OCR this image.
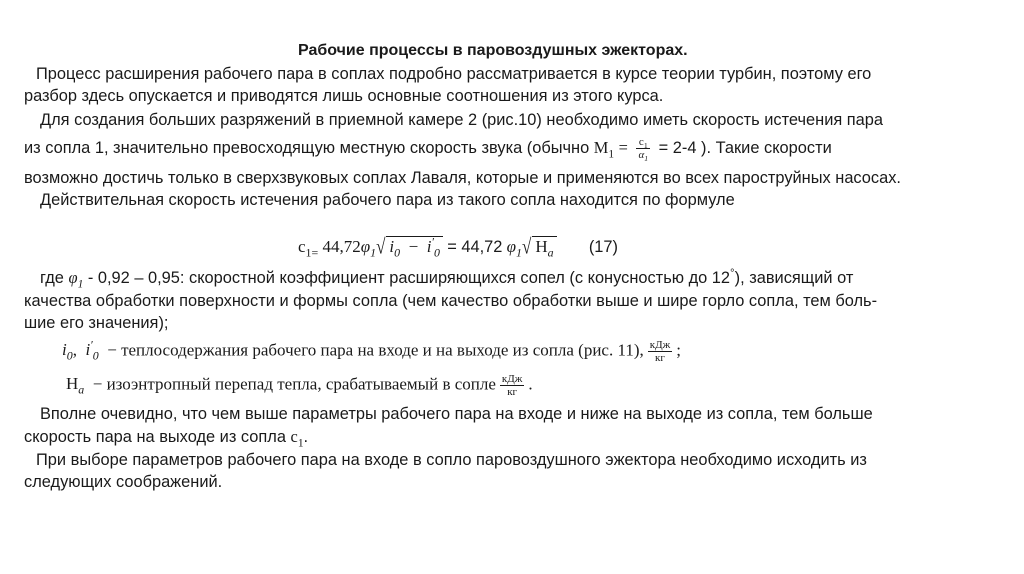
Рабочие процессы в паровоздушных эжекторах.
Процесс расширения рабочего пара в соплах подробно рассматривается в курсе теории турбин, поэтому его
разбор здесь опускается и приводятся лишь основные соотношения из этого курса.
Для создания больших разряжений в приемной камере 2 (рис.10) необходимо иметь скорость истечения пара
из сопла 1, значительно превосходящую местную скорость звука (обычно $M_1 = \frac{c_1}{\alpha_1} = 2-4$ ). Такие скорости
возможно достичь только в сверхзвуковых соплах Лаваля, которые и применяются во всех пароструйных насосах.
Действительная скорость истечения рабочего пара из такого сопла находится по формуле
$c_{1=}$ $44,72\varphi_1√$ $i_0 - i'_0 = 44,72$ $\varphi_1√$ $H_a$ (17)
где $\varphi_1 - 0,92 - 0,95$: скоростной коэффициент расширяющихся сопел (с конусностью до 12°), зависящий от
качества обработки поверхности и формы сопла (чем качество обработки выше и шире горло сопла, тем боль-
шие его значения);
$i_0$, $i'_0$ − теплосодержания рабочего пара на входе и на выходе из сопла (рис. 11), $\frac{\text{кДж}}{кг}$ ;
$H_a$ − изоэнтропный перепад тепла, срабатываемый в сопле $\frac{\text{кДж}}{кг}$ .
Вполне очевидно, что чем выше параметры рабочего пара на входе и ниже на выходе из сопла, тем больше
скорость пара на выходе из сопла $c_1$.
При выборе параметров рабочего пара на входе в сопло паровоздушного эжектора необходимо исходить из
следующих соображений.
